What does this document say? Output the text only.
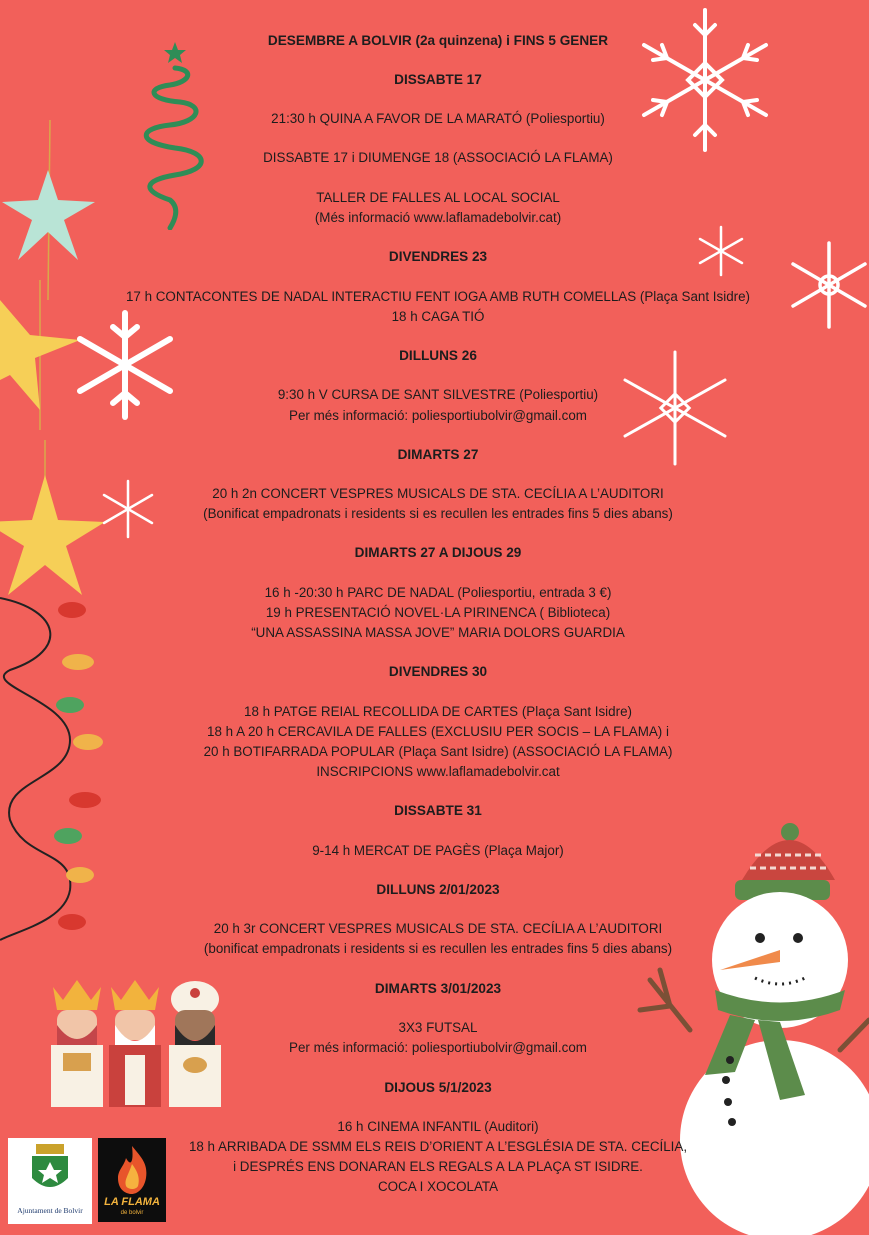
Ajuntament de Bolvir
LA FLAMA
de bolvir
DESEMBRE A BOLVIR (2a quinzena) i FINS 5 GENER
DISSABTE 17
21:30 h QUINA A FAVOR DE LA MARATÓ (Poliesportiu)
DISSABTE 17 i DIUMENGE 18 (ASSOCIACIÓ LA FLAMA)
TALLER DE FALLES AL LOCAL SOCIAL
(Més informació www.laflamadebolvir.cat)
DIVENDRES 23
17 h CONTACONTES DE NADAL INTERACTIU FENT IOGA AMB RUTH COMELLAS (Plaça Sant Isidre)
18 h CAGA TIÓ
DILLUNS 26
9:30 h V CURSA DE SANT SILVESTRE (Poliesportiu)
Per més informació: poliesportiubolvir@gmail.com
DIMARTS 27
20 h 2n CONCERT VESPRES MUSICALS DE STA. CECÍLIA A L’AUDITORI
(Bonificat empadronats i residents si es recullen les entrades fins 5 dies abans)
DIMARTS 27 A DIJOUS 29
16 h -20:30 h PARC DE NADAL (Poliesportiu, entrada 3 €)
19 h PRESENTACIÓ NOVEL·LA PIRINENCA ( Biblioteca)
“UNA ASSASSINA MASSA JOVE” MARIA DOLORS GUARDIA
DIVENDRES 30
18 h PATGE REIAL RECOLLIDA DE CARTES (Plaça Sant Isidre)
18 h A 20 h CERCAVILA DE FALLES (EXCLUSIU PER SOCIS – LA FLAMA) i
20 h BOTIFARRADA POPULAR (Plaça Sant Isidre) (ASSOCIACIÓ LA FLAMA)
INSCRIPCIONS www.laflamadebolvir.cat
DISSABTE 31
9-14 h MERCAT DE PAGÈS (Plaça Major)
DILLUNS 2/01/2023
20 h 3r CONCERT VESPRES MUSICALS DE STA. CECÍLIA A L’AUDITORI
(bonificat empadronats i residents si es recullen les entrades fins 5 dies abans)
DIMARTS 3/01/2023
3X3 FUTSAL
Per més informació: poliesportiubolvir@gmail.com
DIJOUS 5/1/2023
16 h CINEMA INFANTIL (Auditori)
18 h ARRIBADA DE SSMM ELS REIS D’ORIENT A L’ESGLÉSIA DE STA. CECÍLIA,
i DESPRÉS ENS DONARAN ELS REGALS A LA PLAÇA ST ISIDRE.
COCA I XOCOLATA
